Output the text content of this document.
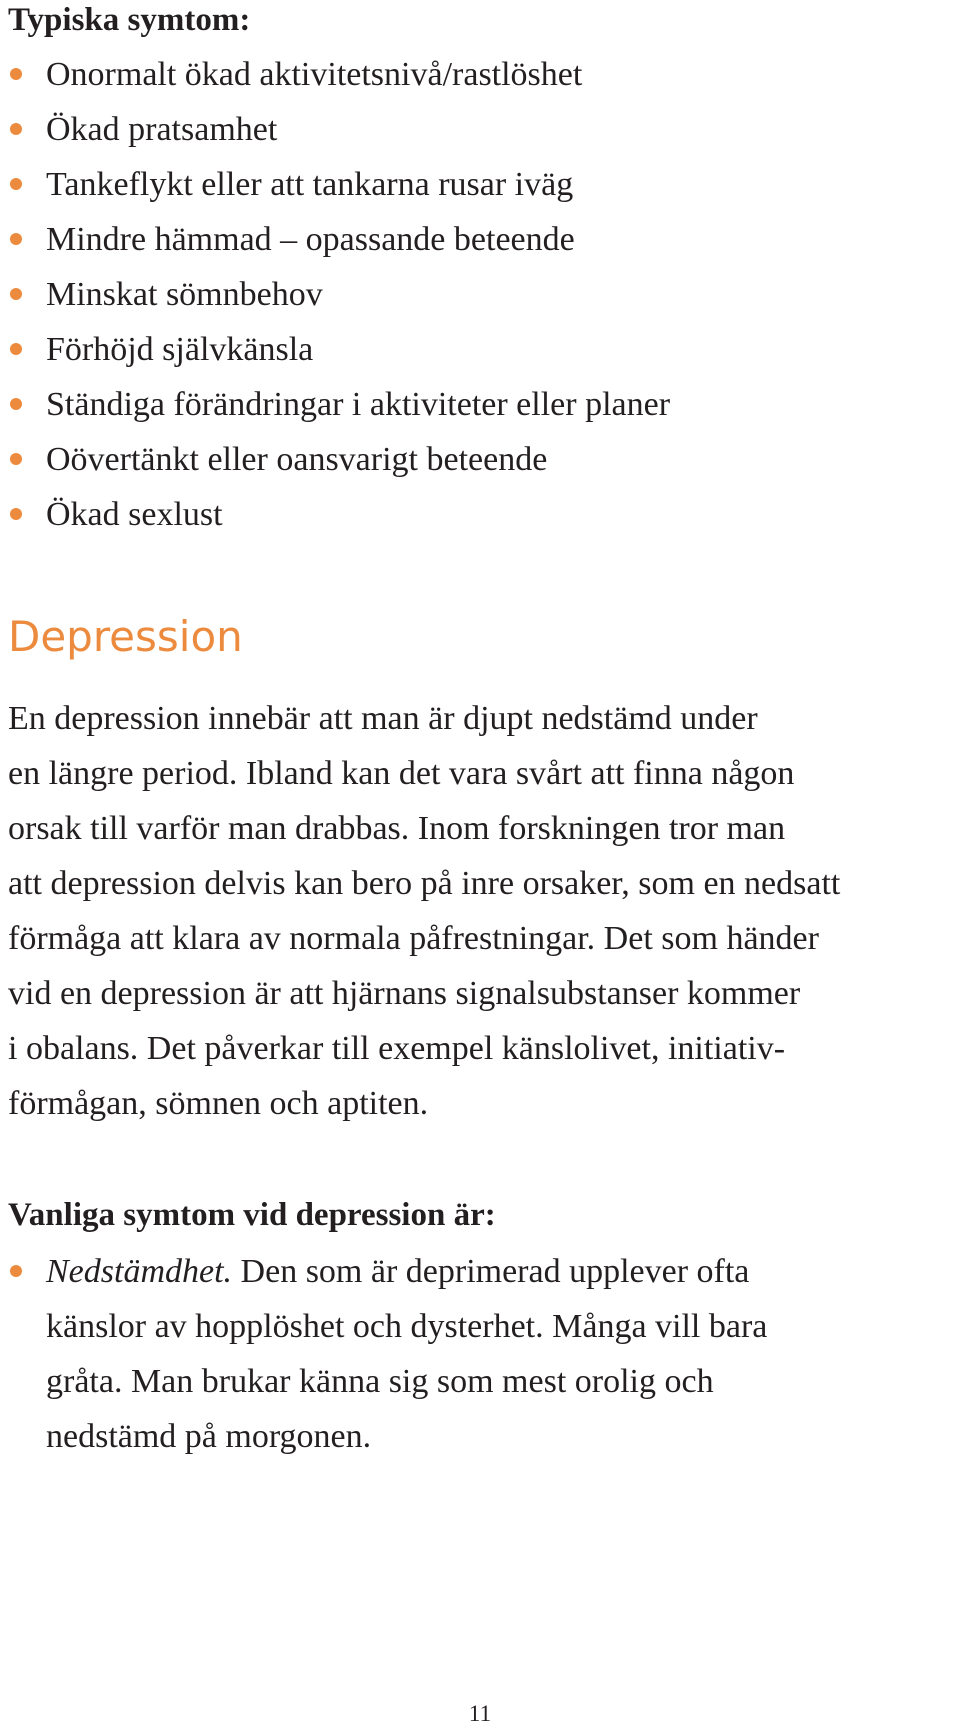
Typiska symtom:
Onormalt ökad aktivitetsnivå/rastlöshet
Ökad pratsamhet
Tankeflykt eller att tankarna rusar iväg
Mindre hämmad – opassande beteende
Minskat sömnbehov
Förhöjd självkänsla
Ständiga förändringar i aktiviteter eller planer
Oövertänkt eller oansvarigt beteende
Ökad sexlust
Depression

En depression innebär att man är djupt nedstämd under
en längre period. Ibland kan det vara svårt att finna någon
orsak till varför man drabbas. Inom forskningen tror man
att depression delvis kan bero på inre orsaker, som en nedsatt
förmåga att klara av normala påfrestningar. Det som händer
vid en depression är att hjärnans signalsubstanser kommer
i obalans. Det påverkar till exempel känslolivet, initiativ-
förmågan, sömnen och aptiten.

Vanliga symtom vid depression är:
Nedstämdhet. Den som är deprimerad upplever ofta
känslor av hopplöshet och dysterhet. Många vill bara
gråta. Man brukar känna sig som mest orolig och
nedstämd på morgonen.

11
